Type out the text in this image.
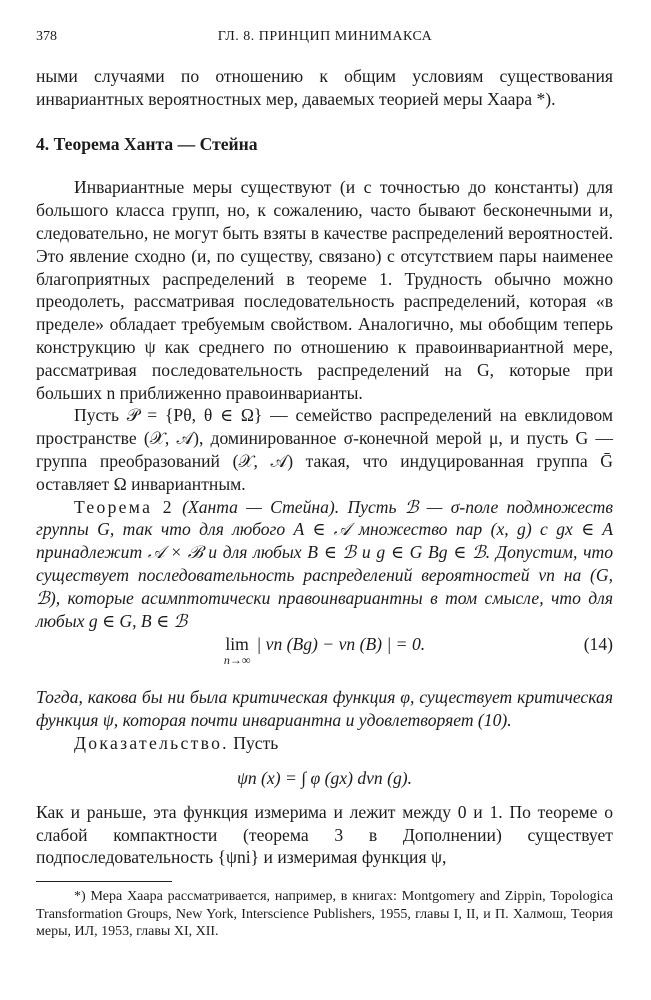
378	ГЛ. 8. ПРИНЦИП МИНИМАКСА

ными случаями по отношению к общим условиям существования инвариантных вероятностных мер, даваемых теорией меры Хаара *).

4. Теорема Ханта — Стейна

Инвариантные меры существуют (и с точностью до константы) для большого класса групп, но, к сожалению, часто бывают бесконечными и, следовательно, не могут быть взяты в качестве распределений вероятностей. Это явление сходно (и, по существу, связано) с отсутствием пары наименее благоприятных распределений в теореме 1. Трудность обычно можно преодолеть, рассматривая последовательность распределений, которая «в пределе» обладает требуемым свойством. Аналогично, мы обобщим теперь конструкцию ψ как среднего по отношению к правоинвариантной мере, рассматривая последовательность распределений на G, которые при больших n приближенно правоинварианты.

Пусть 𝒫 = {Pθ, θ ∈ Ω} — семейство распределений на евклидовом пространстве (𝒳, 𝒜), доминированное σ-конечной мерой μ, и пусть G — группа преобразований (𝒳, 𝒜) такая, что индуцированная группа Ḡ оставляет Ω инвариантным.

Теорема 2 (Ханта — Стейна). Пусть ℬ — σ-поле подмножеств группы G, так что для любого A ∈ 𝒜 множество пар (x, g) с gx ∈ A принадлежит 𝒜 × ℬ и для любых B ∈ ℬ и g ∈ G Bg ∈ ℬ. Допустим, что существует последовательность распределений вероятностей νn на (G, ℬ), которые асимптотически правоинвариантны в том смысле, что для любых g ∈ G, B ∈ ℬ

lim
n→∞
| νn (Bg) − νn (B) | = 0.	(14)

Тогда, какова бы ни была критическая функция φ, существует критическая функция ψ, которая почти инвариантна и удовлетворяет (10).

Доказательство. Пусть

ψn (x) = ∫ φ (gx) dνn (g).

Как и раньше, эта функция измерима и лежит между 0 и 1. По теореме о слабой компактности (теорема 3 в Дополнении) существует подпоследовательность {ψni} и измеримая функция ψ,

*) Мера Хаара рассматривается, например, в книгах: Montgomery and Zippin, Topologica Transformation Groups, New York, Interscience Publishers, 1955, главы I, II, и П. Халмош, Теория меры, ИЛ, 1953, главы XI, XII.
